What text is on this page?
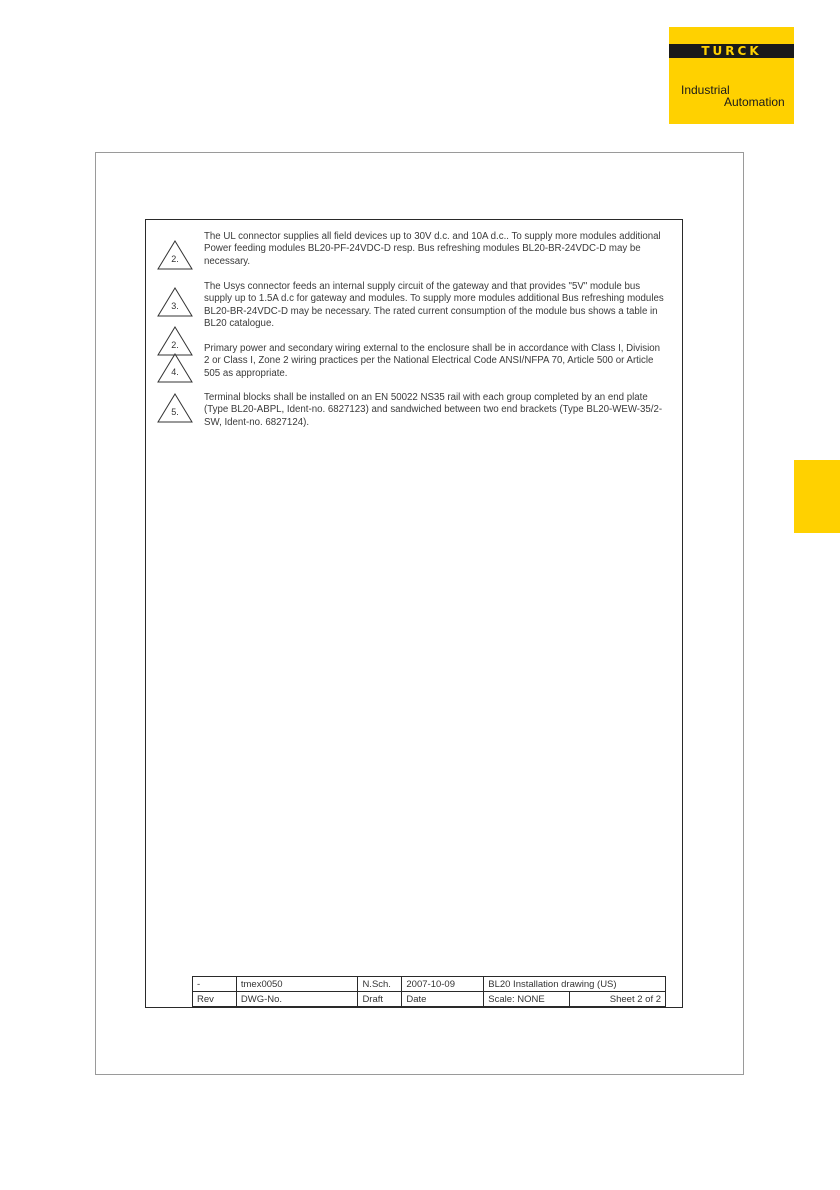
TURCK
Industrial
Automation
2.
The UL connector supplies all field devices up to 30V d.c. and 10A d.c.. To supply more modules additional Power feeding modules BL20-PF-24VDC-D resp. Bus refreshing modules BL20-BR-24VDC-D may be necessary.
3.
The Usys connector feeds an internal supply circuit of the gateway and that provides "5V" module bus supply up to 1.5A d.c for gateway and modules. To supply more modules additional Bus refreshing modules BL20-BR-24VDC-D may be necessary. The rated current consumption of the module bus shows a table in BL20 catalogue.
2.
4.
Primary power and secondary wiring external to the enclosure shall be in accordance with Class I, Division 2 or Class I, Zone 2 wiring practices per the National Electrical Code ANSI/NFPA 70, Article 500 or Article 505 as appropriate.
5.
Terminal blocks shall be installed on an EN 50022 NS35 rail with each group completed by an end plate (Type BL20-ABPL, Ident-no. 6827123) and sandwiched between two end brackets (Type BL20-WEW-35/2-SW, Ident-no. 6827124).
-	tmex0050	N.Sch.	2007-10-09	BL20 Installation drawing (US)	
Rev	DWG-No.	Draft	Date	Scale: NONE	Sheet 2 of 2
